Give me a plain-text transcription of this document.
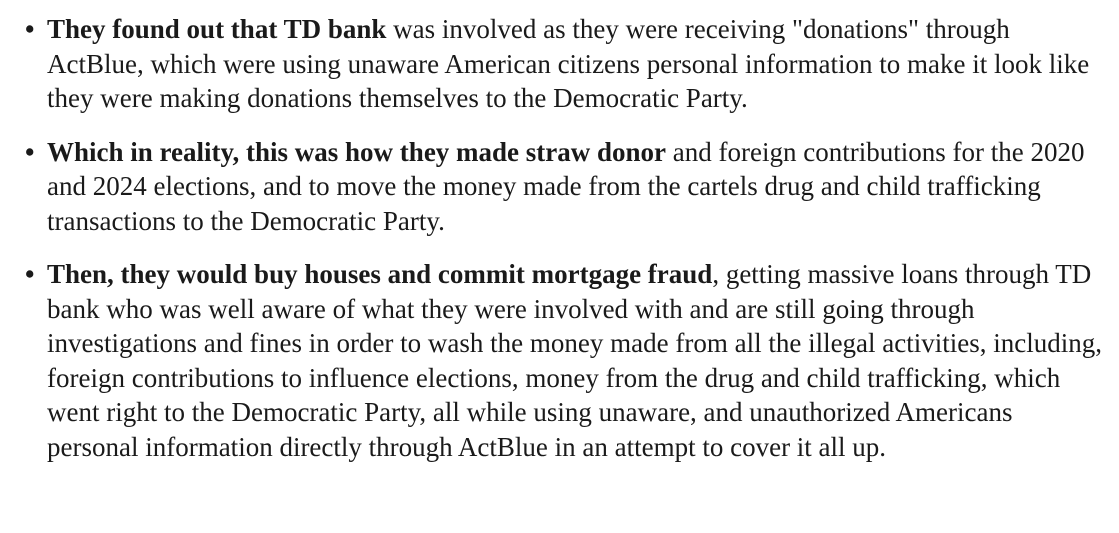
• They found out that TD bank was involved as they were receiving "donations" through ActBlue, which were using unaware American citizens personal information to make it look like they were making donations themselves to the Democratic Party.
• Which in reality, this was how they made straw donor and foreign contributions for the 2020 and 2024 elections, and to move the money made from the cartels drug and child trafficking transactions to the Democratic Party.
• Then, they would buy houses and commit mortgage fraud, getting massive loans through TD bank who was well aware of what they were involved with and are still going through investigations and fines in order to wash the money made from all the illegal activities, including, foreign contributions to influence elections, money from the drug and child trafficking, which went right to the Democratic Party, all while using unaware, and unauthorized Americans personal information directly through ActBlue in an attempt to cover it all up.
